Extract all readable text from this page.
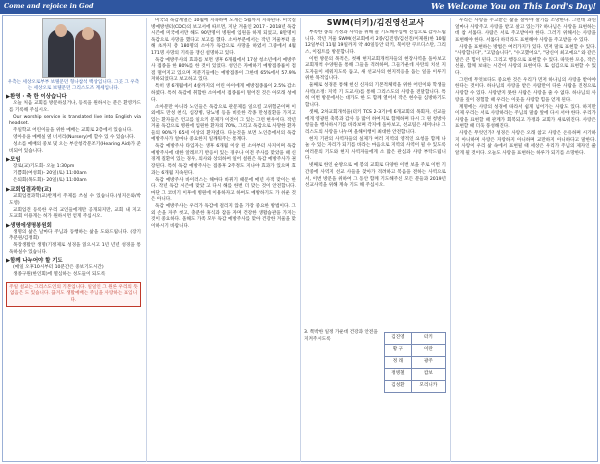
Come and rejoice in God	We Welcome You on This Lord's Day!
우측는 세상오로부부 보텔문던 형나참석 백상입니다. 그곳 그 우측는 세상오로 보텔문던 그리스도즈 계세입니다.
▶환영 · 축 한 이상습니다

오늘 처음 교회를 방문하셨거나, 등록을 원하시는 분은 환영카드를 기록해 주십시오.

Our worship service is translated live into English via headset.

주일학교 어린이들을 위한 예배는 교회로 2층에서 있습니다.

영아유윤 예배실 옆 너서리(Nursery)에 할수 있 수 있습니다.

성소를 예배의 중보 및 오는 부산청각분조기(Hearing Aid)가 준비되어 있습니다.

▶모임

장로(교)기도회- 오늘 1:30pm

기쁨회(여성회)- 20일(토) 11:00am

은퇴회(목도회)- 20일(토) 11:00am

▶교회업결과학(교)

교회업결과학(교)반계서 주제를 쓰실 수 있습니다.(성지온와/박도영)

교회업견 등록한 우리 교인들에게만 공개되지만, 교회 내 지고 도교회 이용게는 허가 원하시면 얻게 주십시오.

▶생명에생명봉원회

생명의 삶은 날마다 주님과 동행하는 삶을 도와드립니다. (장기추분원/김정회)

목장생활안 생명(기정제로 성경을 읽으시고 1년 년년 성경을 통독하실수 있습니다.

▶함께 나누어야 할 기도

(매일 오후10시부터 10분간은 중보기도시간)

생종구원(한인회)에 열심하는 성도들이 되도록

주일 설교는 그리스도인의 기본입니다. 일일인 그 원른 우리의 뜻 없음은 도 있습니다. 끊겨도 생활예배는 주님을 사랑하는 표입니다.

미국의 독감계열은 10월에 지속하여 노게는 5월까지 지속된다. 미국질병예방센터(CDC)의 보고서에 따르면, 지난 겨울인 2017 - 2018년 독감 시즌에 미국에서만 해도 90만명이 병원에 입원을 하게 되었고, 8만명이 독감으로 사망을 했다고 보고를 했다. 소아부분에서는 작년 겨울부터 올해 초까지 총 180명의 소아가 독감으로 사망을 하였서 그중에서 4월 171명 사망의 기록을 갱신 설명하고 있다.

독감 예방주사의 효과를 보면 생후 6개월에서 17살 청소년에서 예방주사 접종을 한 80%를 한 것이 있었다. 성인은 자예하기 예방접종률이 점점 떨어지고 있으며 저분기들에는 예방접종이 그한데 65%에서 57.9% 져하되었다고 보고하고 있다.

특히 생 6개월에서 4살까지의 어린 아이에게 예방접종률이 2.5% 감소하였다. 특히 독감에 취합한 소아에서 접종률이 떨어진 것은 아모래 성예다.

소아분만 아니라 노인들은 독감으로 관문제를 일으킬 고위험군이며 이외에도 만성 천식, 심장병, 당뇨병 등을 비롯한 각종 만성질환을 가지고 있는 환자들은 언고를 일으키 문제가 이것이 그 있는 그런 현우이다. 작년 겨울 독감으로 병원에 입원한 환자의 70%, 그리고 독감으로 사망한 환자들의 90%가 65세 이상의 환자였다. 다눈것을 보면 노인층에서의 독감 예방주사가 얼마나 중요한지 일깨워주는 통계다.

독감 예방주사 타입자는 생후 6개월 이상 된 소아부터 사지이며 독감 예방주사에 대한 알레르기 반응이 있는 경우나 이전 주사를 맞았을 때 신경계 질환이 있는 경우, 의사와 상의하여 일어 설원은 독감 예방주사가 권장된다. 특히 독감 예방주사는 접종후 2주정도 지나야 효과가 있으며 효과는 6개월 지속된다.

독감 예방주사 바이러스는 해마다 바뀌기 때문에 매년 사적 맞이는 한다. 작년 독감 시즌에 맞았 고 다시 해를 한번 더 맞는 것이 안전합니다. 마단 그 코비기 이후에 병원에 이용하자고 하여도 예방하기도 가 쉬운 것은 아니다.

독감 예방주사는 우리가 독감에 걸리지 않을 가장 중요한 방법이다. 그 외 손을 자주 씻고, 충분한 휴식과 잠을 자며 건강한 생활습관을 가지는 것이 중요하다. 올해도 가족 모두 독감 예방주사를 맞아 건강한 겨울을 맞이하시기 바랍니다.

SWM(터키)/김진영선교사

부족한 종의 기정과 사역을 위해 늘 기도해주심에 진심으로 감사드립니다. 작년 겨울 SWM(선교회에서 2종/김진영/김선진/이제원)한 10월 12일부터 11월 19일까지 약 40일동안 터키, 북이란 쿠르디스탄, 그리스, 이집트를 방문합니다.

이번 방문의 목적은, 첫째 현지교회개척자들의 현장사역을 돌아보고 교회개척 수양원을 통해 그들을 격려하며, 그들가운데 사탄의 치선 지도자들이 세워지도록 돕고, 새 선교사의 현지적응을 돕는 일을 이루기 위한 목적입니다.

둘째로 성경문 통해 헌신 신자의 기본적체력을 위한 어린이와 학생들 사역(소정: 지역 기 도교사)를 통해 그리스도의 사랑을 전달합니다. 특히 이번 방문에서는 대가도 한 도 함께 열어서 작은 현수들 심방하기도 합니다.

셋째, 2차교회개척을(터키 TCS 2-3기)에 6개교회의 목회자, 선교들에게 영광된 축복과 감사 등 많이 하여지로 함께하며 다시 그 원 청방사항들을 행사하시기를 바라보며 각지에 돌아보고, 선교팀은 세미나나 그리스도의 사랑을 나누며 올해이행이 최대한 안전합니다.

현지 기관의 사역자들의 실제가 여러 지역의 영적인 요청을 함께 나눌 수 있는 자리가 되기를 바라는 마음으로 지역의 사역이 될 수 있도록 여러분의 기도와 현지 사역자들에게 소 많은 관심과 사랑 부탁드립니다.

넷째로 한인 순방으로 예 봉의 교회로 다양한 이번 보을 주로 이번 기간중에 사역지 선교 사들을 찾아가 격려하고 복음을 전하는 사역으로서, 이번 방문을 위하여 그 동안 함께 기도해주신 모든 분들과 2019년 선교사역을 위해 계속 기도 해 주십시오.

3. 쪽박한 일정 가운데 건강과 안전을 지켜주시도록	김진영	터키
황 구	이란
정 래	광주
정병철	캄보
김성환	모리니카

우리는 사랑을 주고받는 삶을 살아야 살기를 소망한다. 그런데 과연 얼마나 사랑주고 사랑을 받고 살고 있는가? 하나님은 사랑을 표현하는데 참 서툴다. 사람은 서로 주고받아야 한다. 그러기 위해서는 사랑을 표현해야 한다. 서툴다 하더라도 표현해야 사랑을 주고받을 수 있다.

사랑을 표현하는 방법은 여러가지가 있다. 먼저 말로 표현할 수 있다. "사랑합니다", "고맙습니다", "수고했어요", "당신이 최고예요" 와 같은 말은 큰 힘이 된다. 그리고 행동으로 표현할 수 있다. 따뜻한 포옹, 작은 선물, 함께 보내는 시간이 사랑의 표현이다. 또 섬김으로 표현할 수 있다.

그런데 무엇보다도 중요한 것은 우리가 먼저 하나님의 사랑을 받아야 한다는 것이다. 하나님의 사랑을 받은 사람만이 다른 사람을 진정으로 사랑할 수 있다. 사랑받지 못한 사람은 사랑을 줄 수 없다. 하나님의 사랑을 깊이 경험할 때 우리는 이웃을 사랑할 힘을 얻게 된다.

계명에는 사랑의 성경에 따라서 쉽게 넘어가는 사람도 있다. 하지만 이제 우리는 서로 사랑하라는 주님의 말씀 앞에 다시 서야 한다. 우리가 사랑을 표현할 때 관계가 회복되고 가정과 교회가 새로워진다. 사랑은 표현할 때 더욱 풍성해진다.

사랑은 무엇인가? 성경은 사랑은 오래 참고 사랑은 온유하며 시기하지 아니하며 사랑은 자랑하지 아니하며 교만하지 아니하다고 말한다. 이 사랑이 우리 삶 속에서 표현될 때 세상은 우리가 주님의 제자인 줄 알게 될 것이다. 오늘도 사랑을 표현하는 하루가 되기를 소망한다.
